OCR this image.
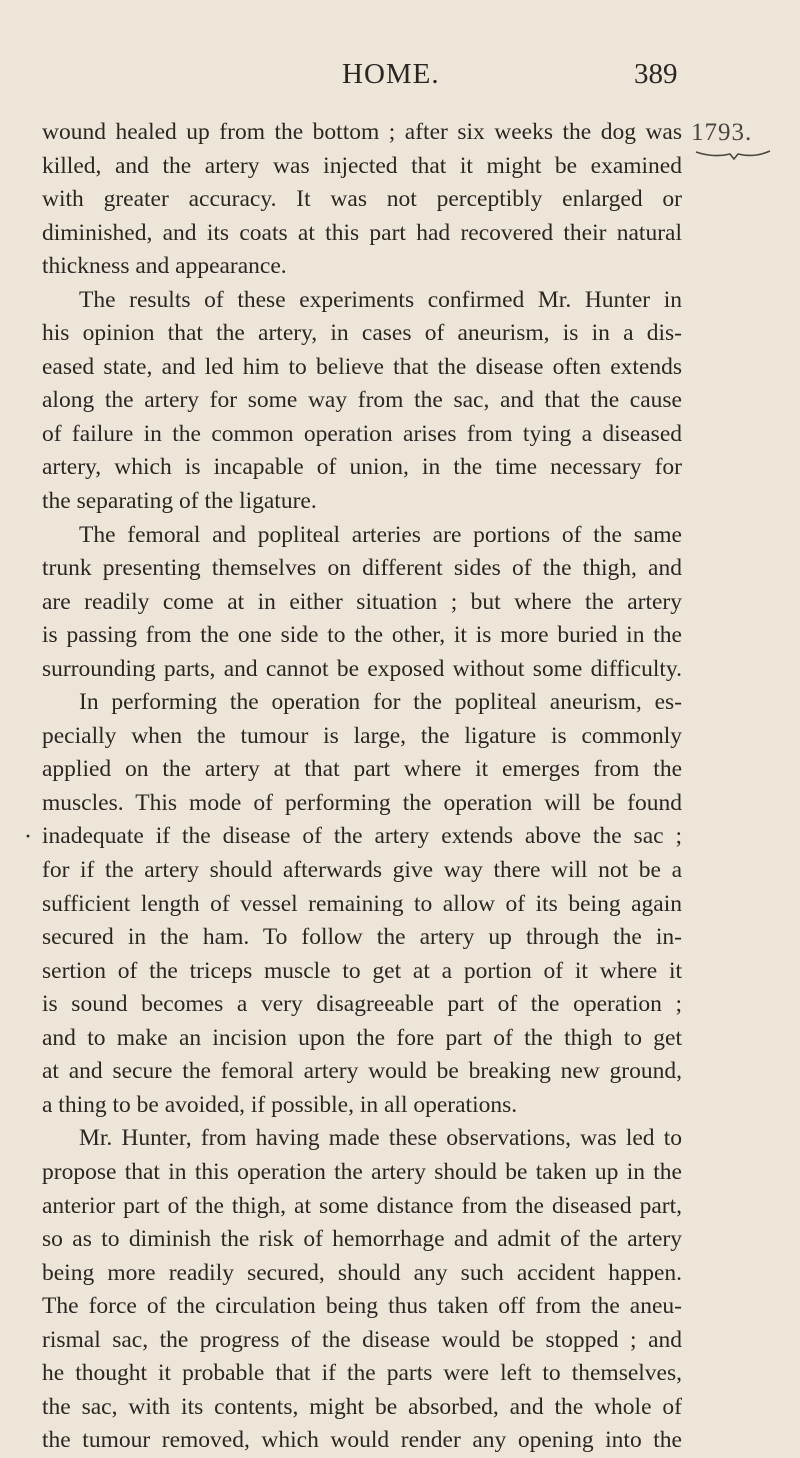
HOME.	389
1793.
·
wound healed up from the bottom ; after six weeks the dog was
killed, and the artery was injected that it might be examined
with greater accuracy. It was not perceptibly enlarged or
diminished, and its coats at this part had recovered their natural
thickness and appearance.
The results of these experiments confirmed Mr. Hunter in
his opinion that the artery, in cases of aneurism, is in a dis-
eased state, and led him to believe that the disease often extends
along the artery for some way from the sac, and that the cause
of failure in the common operation arises from tying a diseased
artery, which is incapable of union, in the time necessary for
the separating of the ligature.
The femoral and popliteal arteries are portions of the same
trunk presenting themselves on different sides of the thigh, and
are readily come at in either situation ; but where the artery
is passing from the one side to the other, it is more buried in the
surrounding parts, and cannot be exposed without some difficulty.
In performing the operation for the popliteal aneurism, es-
pecially when the tumour is large, the ligature is commonly
applied on the artery at that part where it emerges from the
muscles. This mode of performing the operation will be found
inadequate if the disease of the artery extends above the sac ;
for if the artery should afterwards give way there will not be a
sufficient length of vessel remaining to allow of its being again
secured in the ham. To follow the artery up through the in-
sertion of the triceps muscle to get at a portion of it where it
is sound becomes a very disagreeable part of the operation ;
and to make an incision upon the fore part of the thigh to get
at and secure the femoral artery would be breaking new ground,
a thing to be avoided, if possible, in all operations.
Mr. Hunter, from having made these observations, was led to
propose that in this operation the artery should be taken up in the
anterior part of the thigh, at some distance from the diseased part,
so as to diminish the risk of hemorrhage and admit of the artery
being more readily secured, should any such accident happen.
The force of the circulation being thus taken off from the aneu-
rismal sac, the progress of the disease would be stopped ; and
he thought it probable that if the parts were left to themselves,
the sac, with its contents, might be absorbed, and the whole of
the tumour removed, which would render any opening into the
